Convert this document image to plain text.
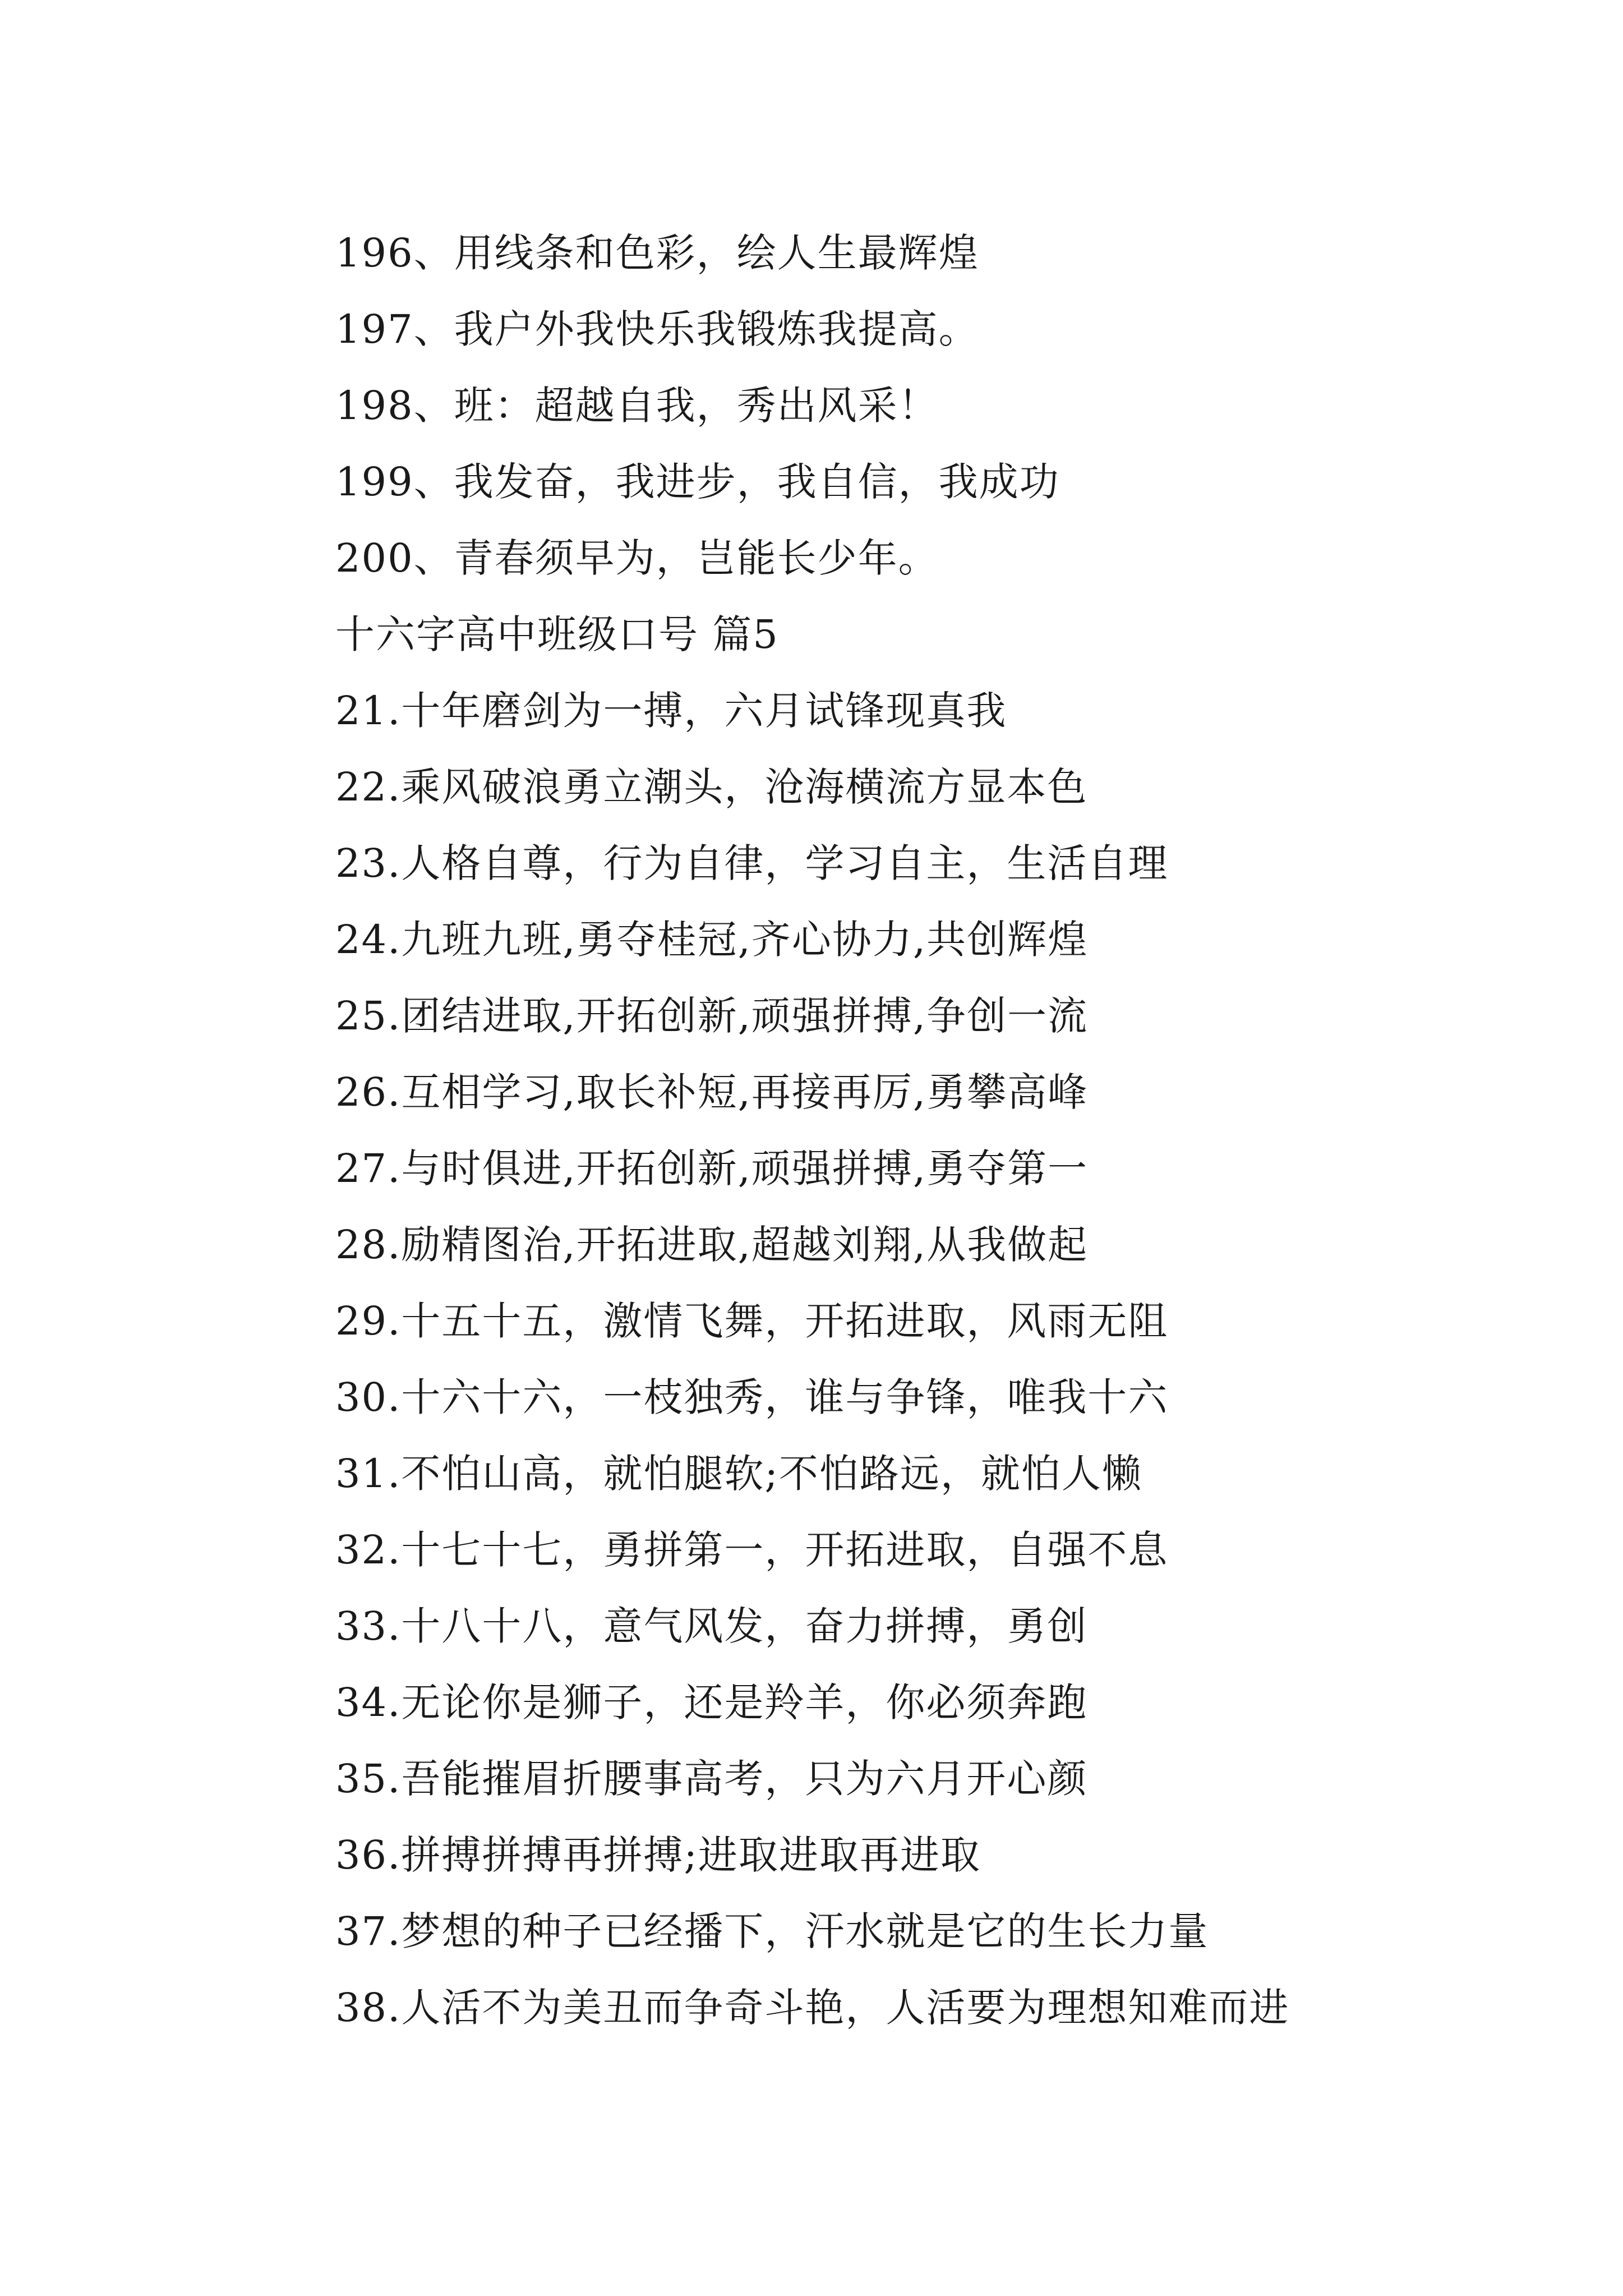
196、用线条和色彩，绘人生最辉煌
197、我户外我快乐我锻炼我提高。
198、班：超越自我，秀出风采！
199、我发奋，我进步，我自信，我成功
200、青春须早为，岂能长少年。
十六字高中班级口号 篇5
21.十年磨剑为一搏，六月试锋现真我
22.乘风破浪勇立潮头，沧海横流方显本色
23.人格自尊，行为自律，学习自主，生活自理
24.九班九班,勇夺桂冠,齐心协力,共创辉煌
25.团结进取,开拓创新,顽强拼搏,争创一流
26.互相学习,取长补短,再接再厉,勇攀高峰
27.与时俱进,开拓创新,顽强拼搏,勇夺第一
28.励精图治,开拓进取,超越刘翔,从我做起
29.十五十五，激情飞舞，开拓进取，风雨无阻
30.十六十六，一枝独秀，谁与争锋，唯我十六
31.不怕山高，就怕腿软;不怕路远，就怕人懒
32.十七十七，勇拼第一，开拓进取，自强不息
33.十八十八，意气风发，奋力拼搏，勇创
34.无论你是狮子，还是羚羊，你必须奔跑
35.吾能摧眉折腰事高考，只为六月开心颜
36.拼搏拼搏再拼搏;进取进取再进取
37.梦想的种子已经播下，汗水就是它的生长力量
38.人活不为美丑而争奇斗艳，人活要为理想知难而进
